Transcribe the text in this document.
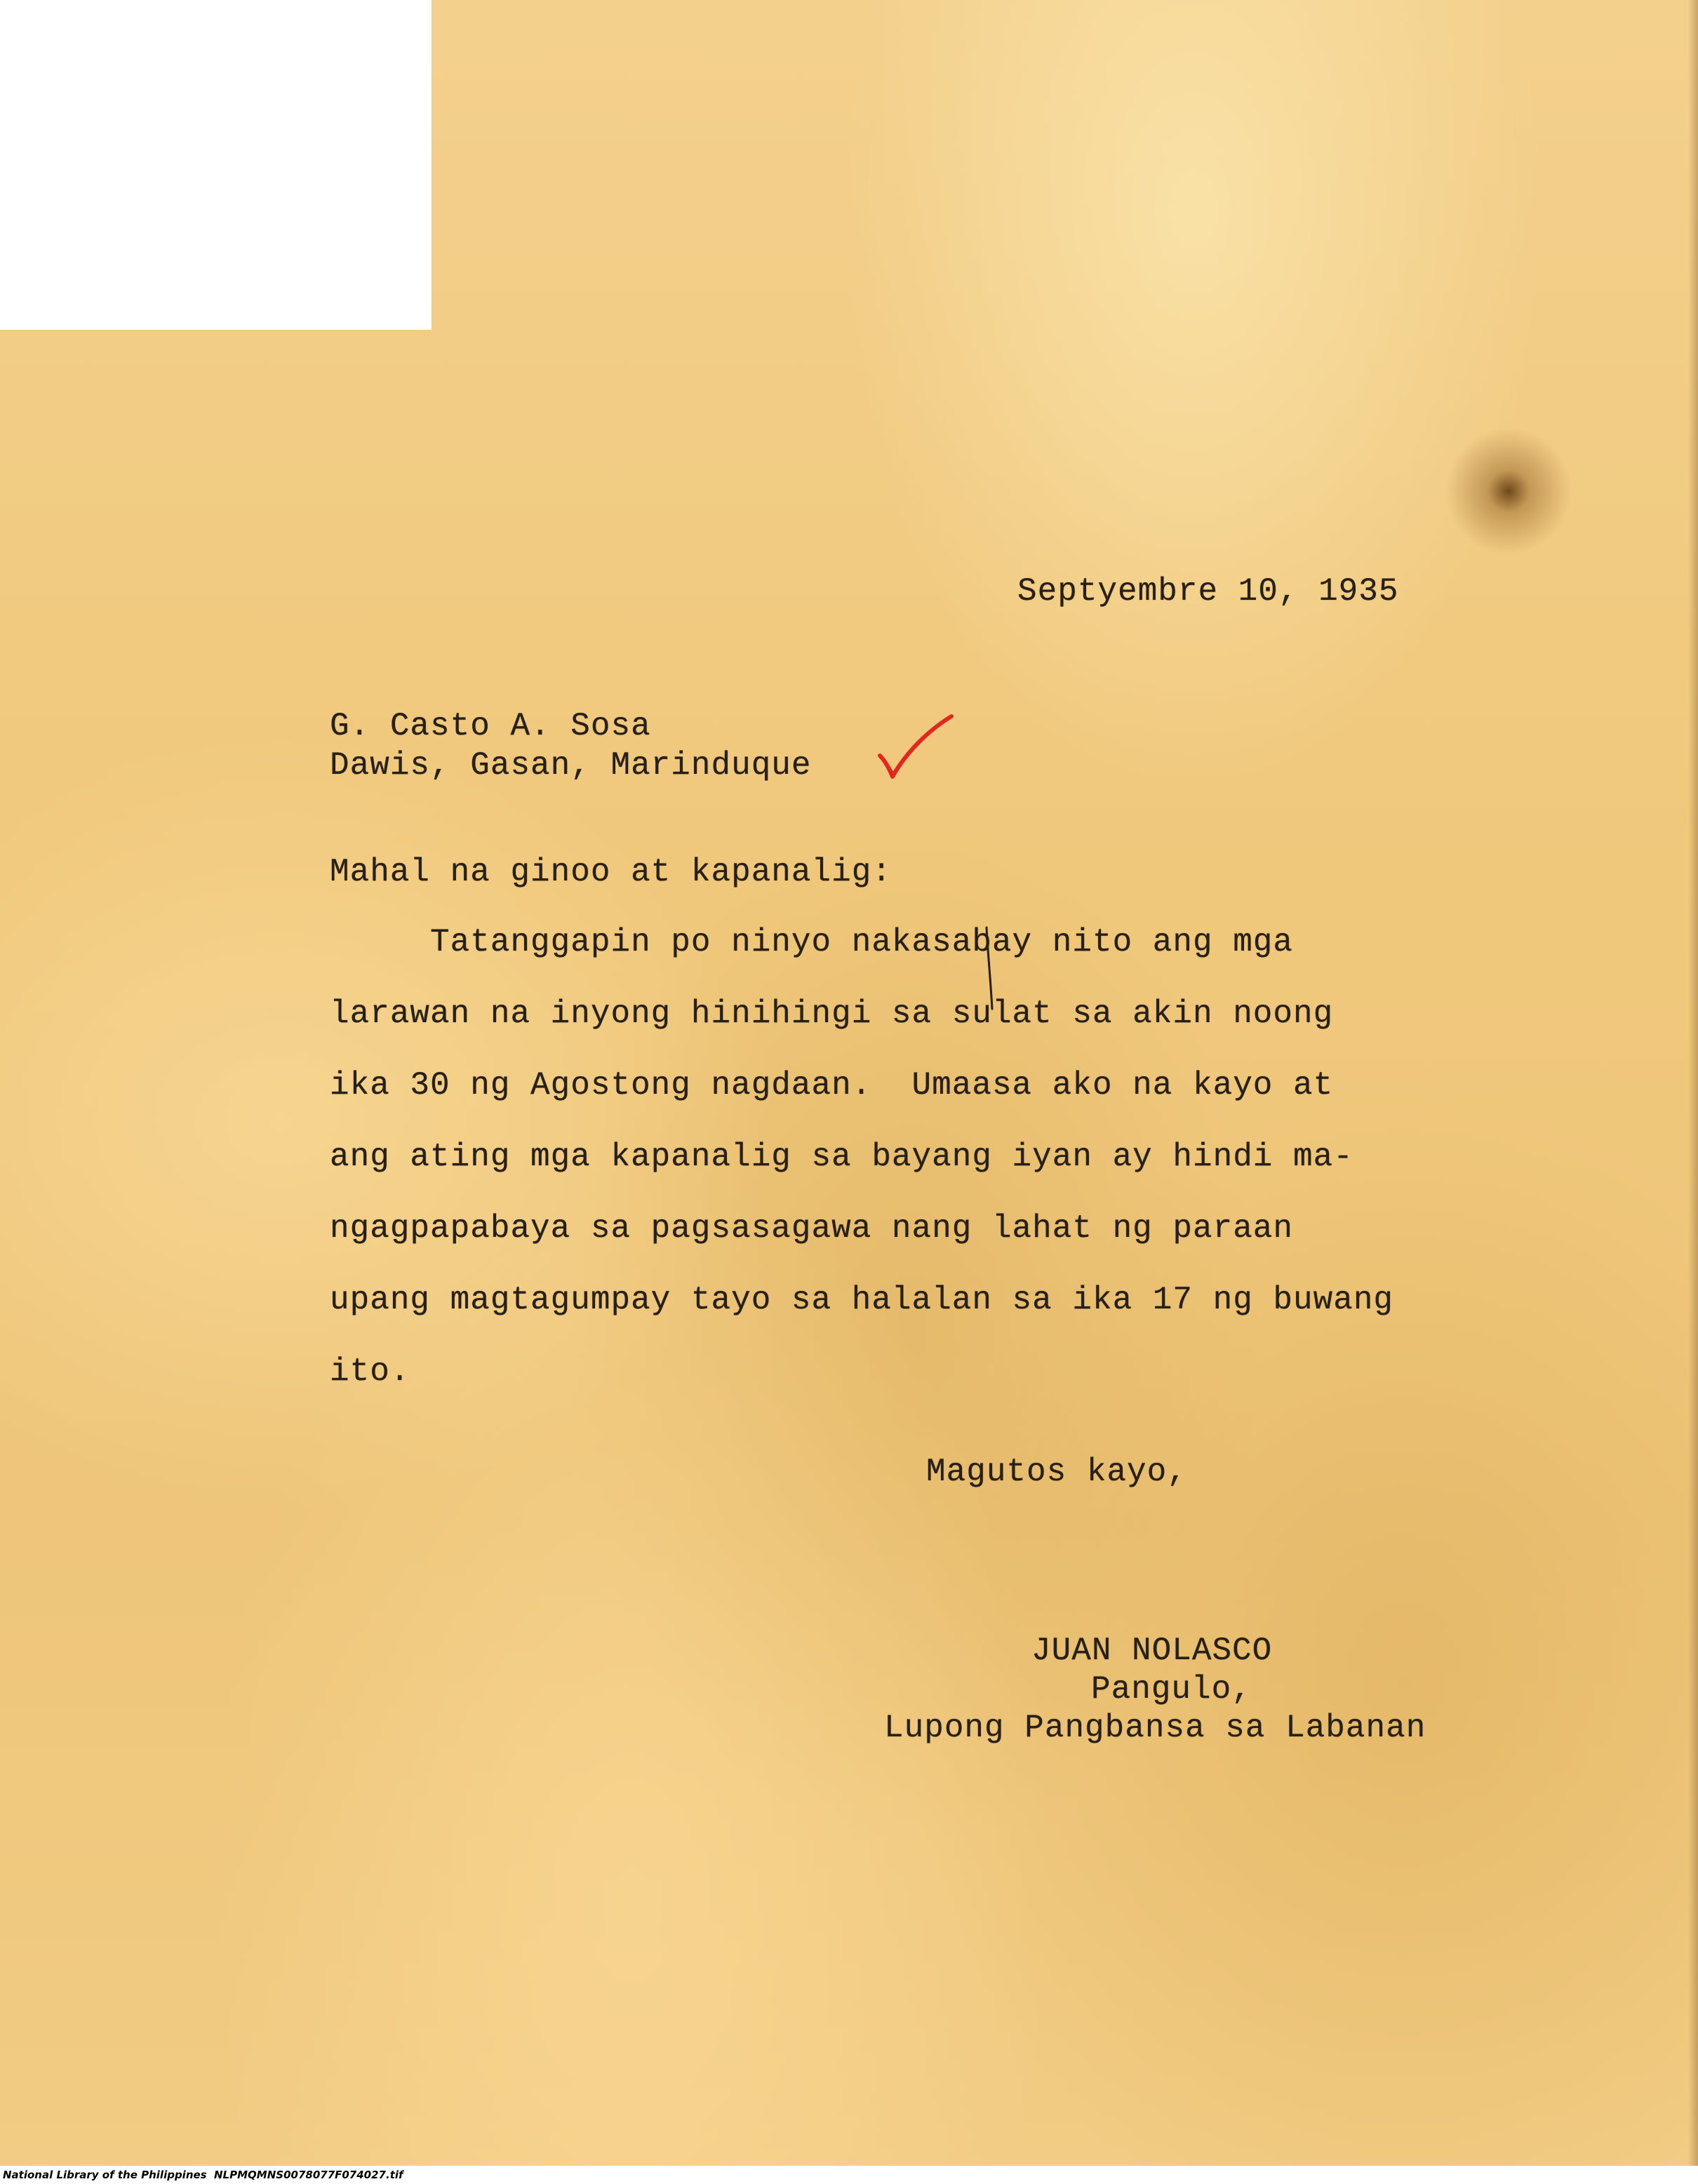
Septyembre 10, 1935
G. Casto A. Sosa
Dawis, Gasan, Marinduque
Mahal na ginoo at kapanalig:
Tatanggapin po ninyo nakasabay nito ang mga
larawan na inyong hinihingi sa sulat sa akin noong
ika 30 ng Agostong nagdaan.  Umaasa ako na kayo at
ang ating mga kapanalig sa bayang iyan ay hindi ma-
ngagpapabaya sa pagsasagawa nang lahat ng paraan
upang magtagumpay tayo sa halalan sa ika 17 ng buwang
ito.
Magutos kayo,
JUAN NOLASCO
Pangulo,
Lupong Pangbansa sa Labanan
National Library of the Philippines NLPMQMNS0078077F074027.tif
